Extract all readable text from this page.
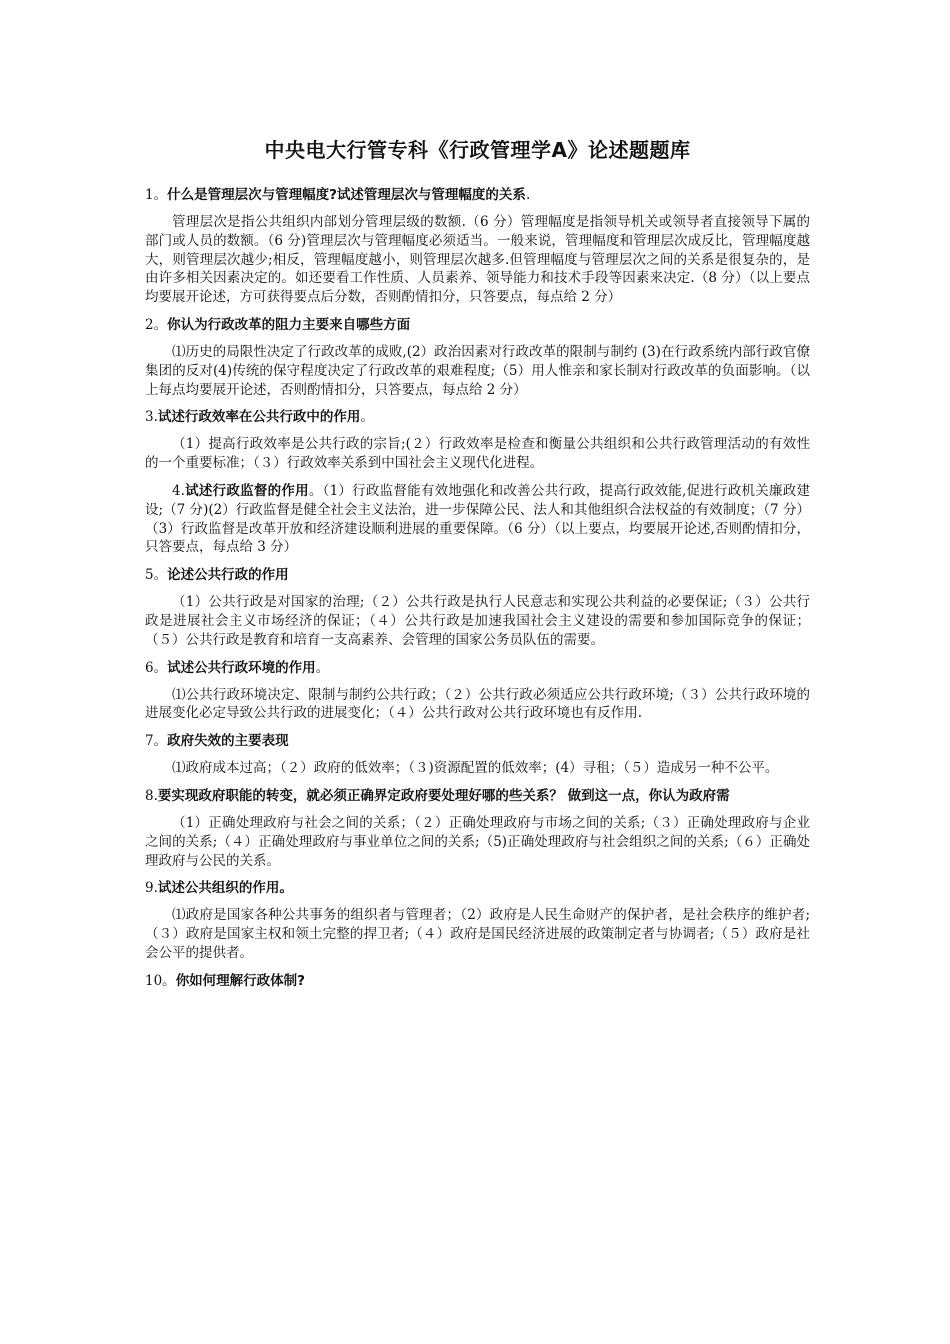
中央电大行管专科《行政管理学A》论述题题库

1。什么是管理层次与管理幅度?试述管理层次与管理幅度的关系.

管理层次是指公共组织内部划分管理层级的数额.（6 分）管理幅度是指领导机关或领导者直接领导下属的部门或人员的数额。（6 分)管理层次与管理幅度必须适当。一般来说，管理幅度和管理层次成反比，管理幅度越大，则管理层次越少;相反，管理幅度越小，则管理层次越多.但管理幅度与管理层次之间的关系是很复杂的，是由许多相关因素决定的。如还要看工作性质、人员素养、领导能力和技术手段等因素来决定.（8 分）（以上要点均要展开论述，方可获得要点后分数，否则酌情扣分，只答要点，每点给 2 分）

2。你认为行政改革的阻力主要来自哪些方面

⑴历史的局限性决定了行政改革的成败,(2）政治因素对行政改革的限制与制约 (3)在行政系统内部行政官僚集团的反对(4)传统的保守程度决定了行政改革的艰难程度;（5）用人惟亲和家长制对行政改革的负面影响。（以上每点均要展开论述，否则酌情扣分，只答要点，每点给 2 分）

3.试述行政效率在公共行政中的作用。

（1）提高行政效率是公共行政的宗旨;(２）行政效率是检查和衡量公共组织和公共行政管理活动的有效性的一个重要标准；（３）行政效率关系到中国社会主义现代化进程。

4.试述行政监督的作用。（1）行政监督能有效地强化和改善公共行政，提高行政效能,促进行政机关廉政建设;（7 分)(2）行政监督是健全社会主义法治，进一步保障公民、法人和其他组织合法权益的有效制度；（7 分）（3）行政监督是改革开放和经济建设顺利进展的重要保障。（6 分）（以上要点，均要展开论述,否则酌情扣分，只答要点，每点给 3 分）

5。论述公共行政的作用

（1）公共行政是对国家的治理;（２）公共行政是执行人民意志和实现公共利益的必要保证;（３）公共行政是进展社会主义市场经济的保证；（４）公共行政是加速我国社会主义建设的需要和参加国际竞争的保证；（５）公共行政是教育和培育一支高素养、会管理的国家公务员队伍的需要。

6。试述公共行政环境的作用。

⑴公共行政环境决定、限制与制约公共行政；（２）公共行政必须适应公共行政环境;（３）公共行政环境的进展变化必定导致公共行政的进展变化；（４）公共行政对公共行政环境也有反作用.

7。政府失效的主要表现

⑴政府成本过高；（２）政府的低效率；（３)资源配置的低效率；(4）寻租；（５）造成另一种不公平。

8.要实现政府职能的转变，就必须正确界定政府要处理好哪的些关系？ 做到这一点，你认为政府需

（1）正确处理政府与社会之间的关系；（２）正确处理政府与市场之间的关系;（３）正确处理政府与企业之间的关系;（４）正确处理政府与事业单位之间的关系;（5)正确处理政府与社会组织之间的关系;（６）正确处理政府与公民的关系。

9.试述公共组织的作用。

⑴政府是国家各种公共事务的组织者与管理者；（2）政府是人民生命财产的保护者，是社会秩序的维护者;（３）政府是国家主权和领土完整的捍卫者;（４）政府是国民经济进展的政策制定者与协调者;（５）政府是社会公平的提供者。

10。你如何理解行政体制?
